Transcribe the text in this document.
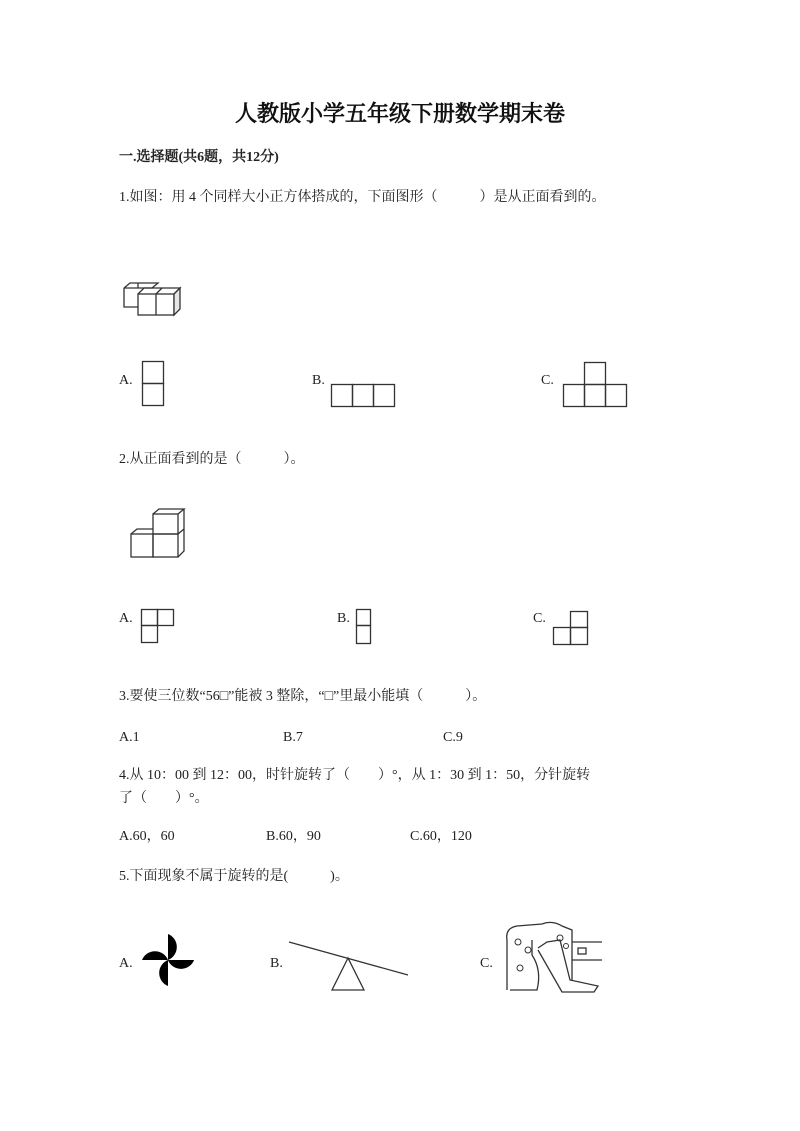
人教版小学五年级下册数学期末卷
一.选择题(共6题，共12分)
1.如图：用 4 个同样大小正方体搭成的，下面图形（　　　）是从正面看到的。
A.	B.	C.
2.从正面看到的是（　　　）。
A.	B.	C.
3.要使三位数“56□”能被 3 整除，“□”里最小能填（　　　）。
A.1	B.7	C.9
4.从 10：00 到 12：00，时针旋转了（　　）°，从 1：30 到 1：50，分针旋转
了（　　）°。
A.60，60	B.60，90	C.60，120
5.下面现象不属于旋转的是(　　　)。
A.	B.	C.
